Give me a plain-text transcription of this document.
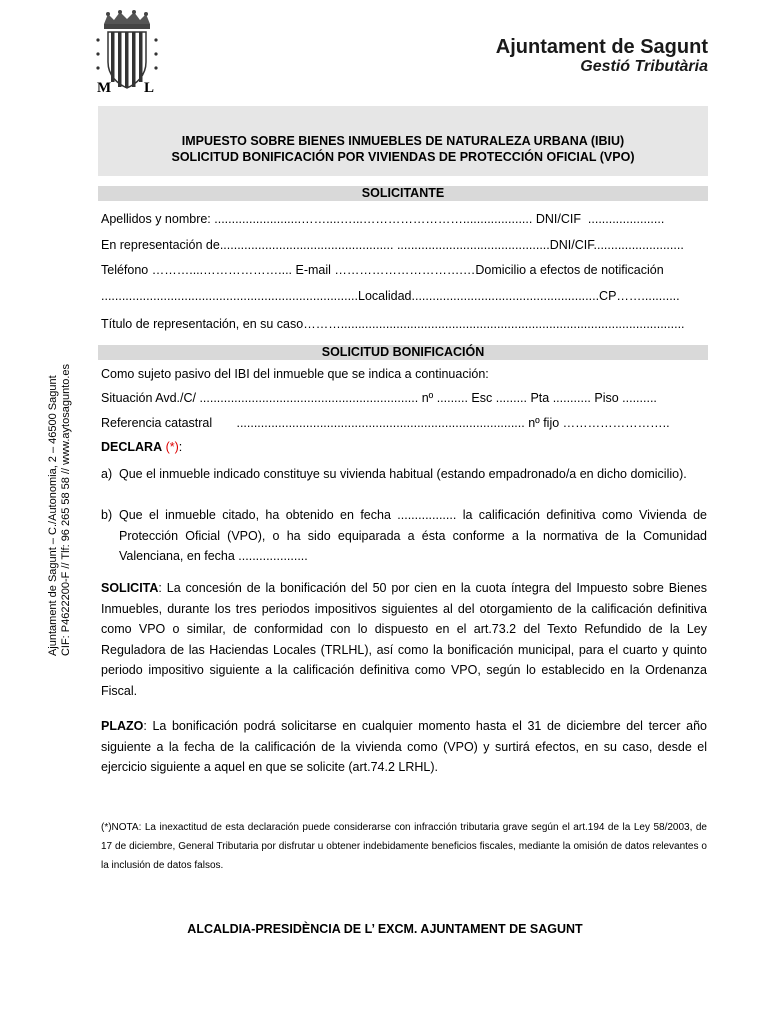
M L
Ajuntament de Sagunt
Gestió Tributària
Ajuntament de Sagunt – C./Autonomia, 2 – 46500 Sagunt CIF: P4622200-F // Tlf: 96 265 58 58 // www.aytosagunto.es
IMPUESTO SOBRE BIENES INMUEBLES DE NATURALEZA URBANA (IBIU)
SOLICITUD BONIFICACIÓN POR VIVIENDAS DE PROTECCIÓN OFICIAL (VPO)
SOLICITANTE
Apellidos y nombre: .........................……....…...…………………….................... DNI/CIF  ......................
En representación de.................................................. ............................................DNI/CIF..........................
Teléfono ………....……………….... E-mail ………………………….…Domicilio a efectos de notificación
..........................................................................Localidad......................................................CP……...........
Título de representación, en su caso………...................................................................................................
SOLICITUD BONIFICACIÓN
Como sujeto pasivo del IBI del inmueble que se indica a continuación:
Situación Avd./C/ ............................................................... nº ......... Esc ......... Pta ........... Piso ..........
Referencia catastral       ................................................................................... nº fijo ……………………..
DECLARA (*):
a) Que el inmueble indicado constituye su vivienda habitual (estando empadronado/a en dicho domicilio).
b) Que el inmueble citado, ha obtenido en fecha ................. la calificación definitiva como Vivienda de Protección Oficial (VPO), o ha sido equiparada a ésta conforme a la normativa de la Comunidad Valenciana, en fecha ....................
SOLICITA: La concesión de la bonificación del 50 por cien en la cuota íntegra del Impuesto sobre Bienes Inmuebles, durante los tres periodos impositivos siguientes al del otorgamiento de la calificación definitiva como VPO o similar, de conformidad con lo dispuesto en el art.73.2 del Texto Refundido de la Ley Reguladora de las Haciendas Locales (TRLHL), así como la bonificación municipal, para el cuarto y quinto periodo impositivo siguiente a la calificación definitiva como VPO, según lo establecido en la Ordenanza Fiscal.
PLAZO: La bonificación podrá solicitarse en cualquier momento hasta el 31 de diciembre del tercer año siguiente a la fecha de la calificación de la vivienda como (VPO) y surtirá efectos, en su caso, desde el ejercicio siguiente a aquel en que se solicite (art.74.2 LRHL).
(*)NOTA: La inexactitud de esta declaración puede considerarse con infracción tributaria grave según el art.194 de la Ley 58/2003, de 17 de diciembre, General Tributaria por disfrutar u obtener indebidamente beneficios fiscales, mediante la omisión de datos relevantes o la inclusión de datos falsos.
ALCALDIA-PRESIDÈNCIA DE L’ EXCM. AJUNTAMENT DE SAGUNT
